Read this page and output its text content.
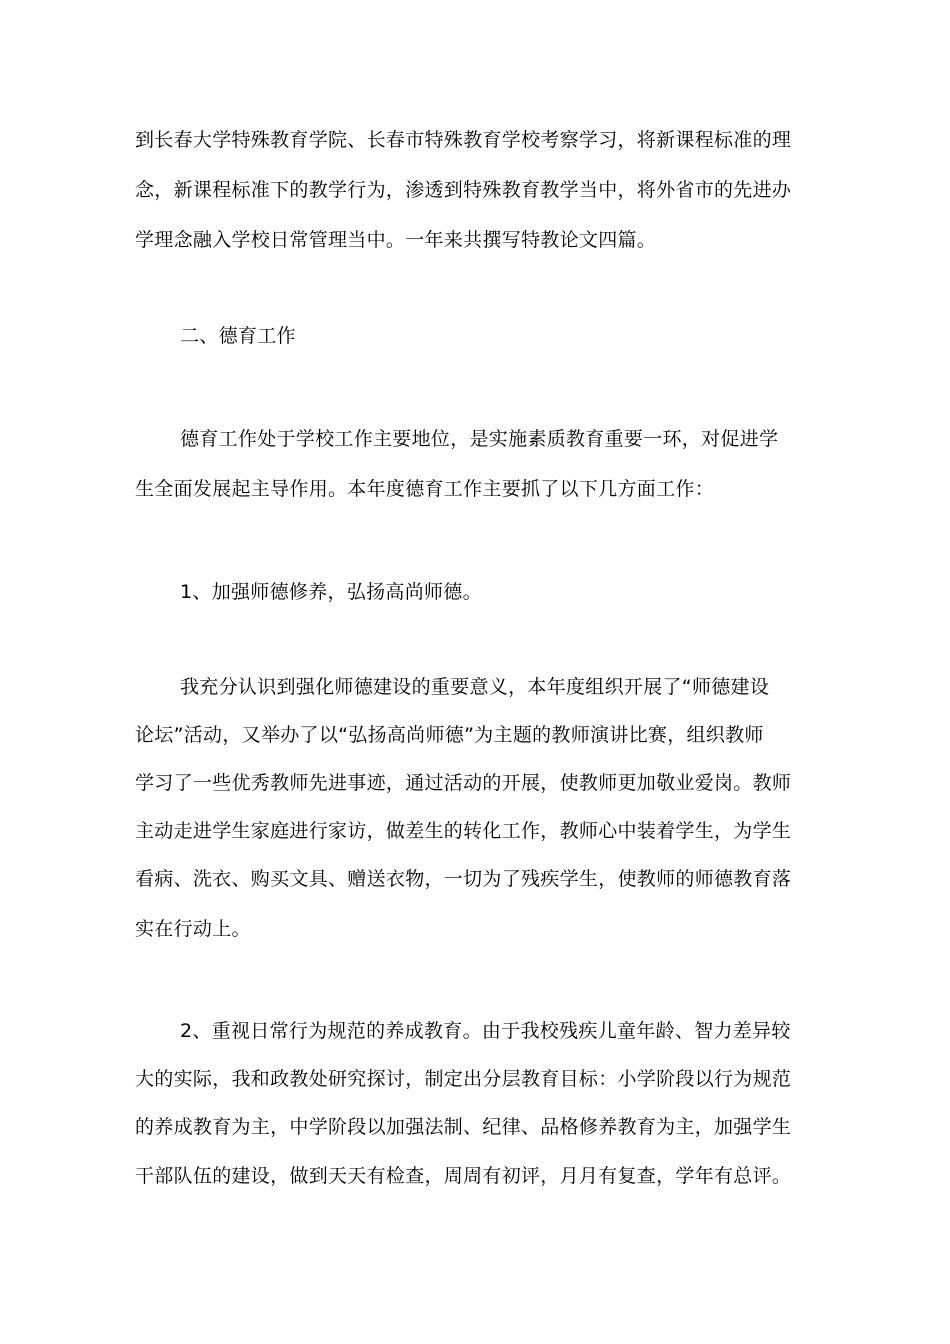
到长春大学特殊教育学院、长春市特殊教育学校考察学习，将新课程标准的理
念，新课程标准下的教学行为，渗透到特殊教育教学当中，将外省市的先进办
学理念融入学校日常管理当中。一年来共撰写特教论文四篇。
二、德育工作
德育工作处于学校工作主要地位，是实施素质教育重要一环，对促进学
生全面发展起主导作用。本年度德育工作主要抓了以下几方面工作：
1、加强师德修养，弘扬高尚师德。
我充分认识到强化师德建设的重要意义，本年度组织开展了“师德建设
论坛”活动，又举办了以“弘扬高尚师德”为主题的教师演讲比赛，组织教师
学习了一些优秀教师先进事迹，通过活动的开展，使教师更加敬业爱岗。教师
主动走进学生家庭进行家访，做差生的转化工作，教师心中装着学生，为学生
看病、洗衣、购买文具、赠送衣物，一切为了残疾学生，使教师的师德教育落
实在行动上。
2、重视日常行为规范的养成教育。由于我校残疾儿童年龄、智力差异较
大的实际，我和政教处研究探讨，制定出分层教育目标：小学阶段以行为规范
的养成教育为主，中学阶段以加强法制、纪律、品格修养教育为主，加强学生
干部队伍的建设，做到天天有检查，周周有初评，月月有复查，学年有总评。
